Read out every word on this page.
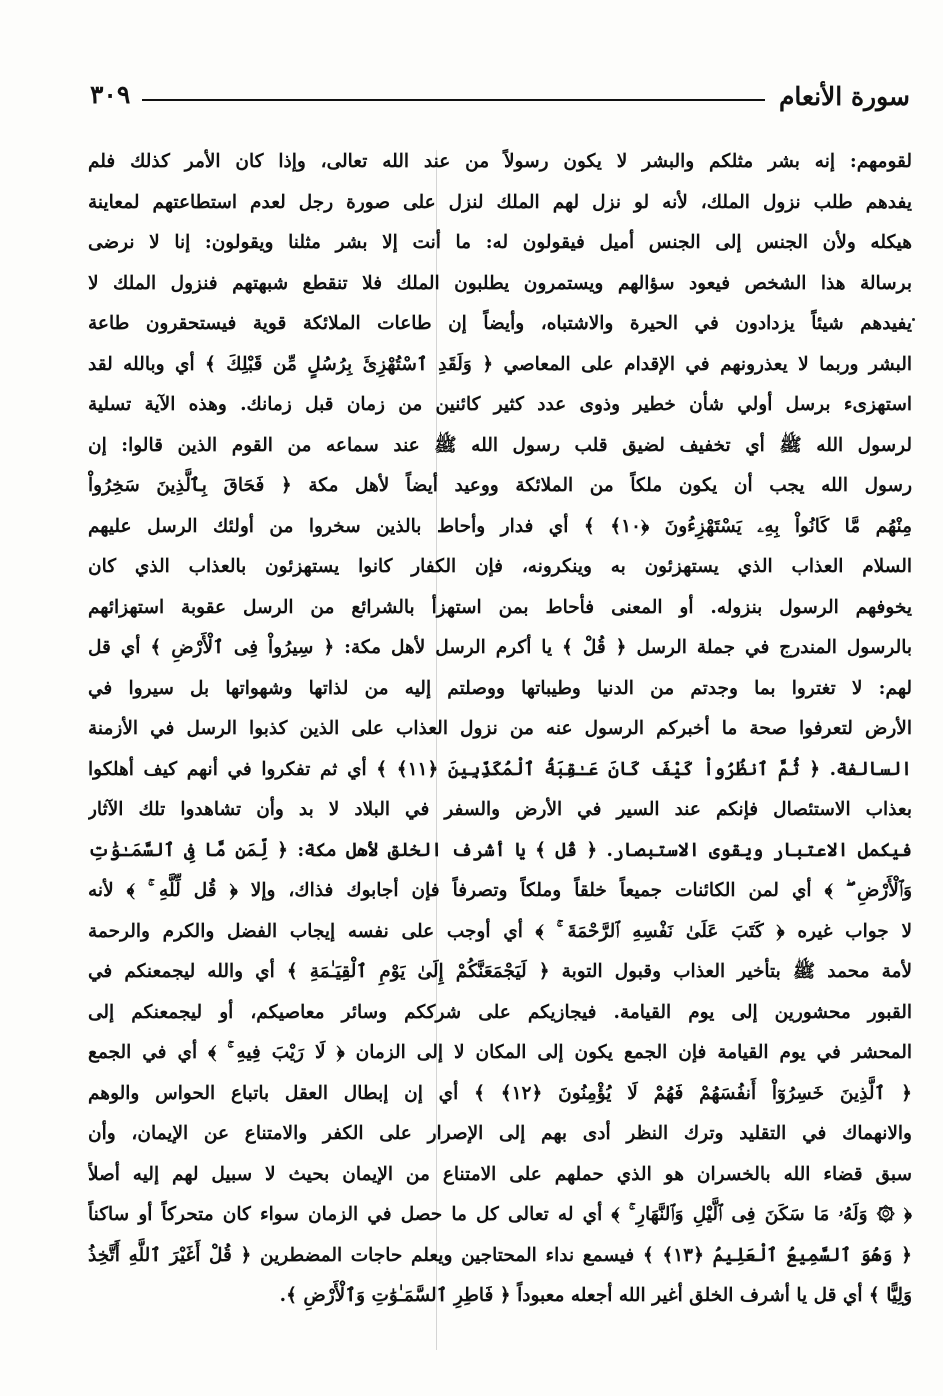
سورة الأنعام
٣٠٩
لقومهم: إنه بشر مثلكم والبشر لا يكون رسولاً من عند الله تعالى، وإذا كان الأمر كذلك فلم
يفدهم طلب نزول الملك، لأنه لو نزل لهم الملك لنزل على صورة رجل لعدم استطاعتهم لمعاينة
هيكله ولأن الجنس إلى الجنس أميل فيقولون له: ما أنت إلا بشر مثلنا ويقولون: إنا لا نرضى
برسالة هذا الشخص فيعود سؤالهم ويستمرون يطلبون الملك فلا تنقطع شبهتهم فنزول الملك لا
يفيدهم شيئاً يزدادون في الحيرة والاشتباه، وأيضاً إن طاعات الملائكة قوية فيستحقرون طاعة
البشر وربما لا يعذرونهم في الإقدام على المعاصي ﴿ وَلَقَدِ ٱسْتُهْزِئَ بِرُسُلٍ مِّن قَبْلِكَ ﴾ أي وبالله لقد
استهزىء برسل أولي شأن خطير وذوى عدد كثير كائنين من زمان قبل زمانك. وهذه الآية تسلية
لرسول الله ﷺ أي تخفيف لضيق قلب رسول الله ﷺ عند سماعه من القوم الذين قالوا: إن
رسول الله يجب أن يكون ملكاً من الملائكة ووعيد أيضاً لأهل مكة ﴿ فَحَاقَ بِٱلَّذِينَ سَخِرُواْ
مِنْهُم مَّا كَانُواْ بِهِۦ يَسْتَهْزِءُونَ ﴿١٠﴾ ﴾ أي فدار وأحاط بالذين سخروا من أولئك الرسل عليهم
السلام العذاب الذي يستهزئون به وينكرونه، فإن الكفار كانوا يستهزئون بالعذاب الذي كان
يخوفهم الرسول بنزوله. أو المعنى فأحاط بمن استهزأ بالشرائع من الرسل عقوبة استهزائهم
بالرسول المندرج في جملة الرسل ﴿ قُلْ ﴾ يا أكرم الرسل لأهل مكة: ﴿ سِيرُواْ فِى ٱلْأَرْضِ ﴾ أي قل
لهم: لا تغتروا بما وجدتم من الدنيا وطيباتها ووصلتم إليه من لذاتها وشهواتها بل سيروا في
الأرض لتعرفوا صحة ما أخبركم الرسول عنه من نزول العذاب على الذين كذبوا الرسل في الأزمنة
السالفة. ﴿ ثُمَّ ٱنظُرُواْ كَيْفَ كَانَ عَـٰقِبَةُ ٱلْمُكَذِّبِينَ ﴿١١﴾ ﴾ أي ثم تفكروا في أنهم كيف أهلكوا
بعذاب الاستئصال فإنكم عند السير في الأرض والسفر في البلاد لا بد وأن تشاهدوا تلك الآثار
فيكمل الاعتبار ويقوى الاستبصار. ﴿ قُل ﴾ يا أشرف الخلق لأهل مكة: ﴿ لِّمَن مَّا فِى ٱلسَّمَـٰوَٰتِ
وَٱلْأَرْضِ ۖ ﴾ أي لمن الكائنات جميعاً خلقاً وملكاً وتصرفاً فإن أجابوك فذاك، وإلا ﴿ قُل لِّلَّهِ ۚ ﴾ لأنه
لا جواب غيره ﴿ كَتَبَ عَلَىٰ نَفْسِهِ ٱلرَّحْمَةَ ۚ ﴾ أي أوجب على نفسه إيجاب الفضل والكرم والرحمة
لأمة محمد ﷺ بتأخير العذاب وقبول التوبة ﴿ لَيَجْمَعَنَّكُمْ إِلَىٰ يَوْمِ ٱلْقِيَـٰمَةِ ﴾ أي والله ليجمعنكم في
القبور محشورين إلى يوم القيامة. فيجازيكم على شرككم وسائر معاصيكم، أو ليجمعنكم إلى
المحشر في يوم القيامة فإن الجمع يكون إلى المكان لا إلى الزمان ﴿ لَا رَيْبَ فِيهِ ۚ ﴾ أي في الجمع
﴿ ٱلَّذِينَ خَسِرُوٓاْ أَنفُسَهُمْ فَهُمْ لَا يُؤْمِنُونَ ﴿١٢﴾ ﴾ أي إن إبطال العقل باتباع الحواس والوهم
والانهماك في التقليد وترك النظر أدى بهم إلى الإصرار على الكفر والامتناع عن الإيمان، وأن
سبق قضاء الله بالخسران هو الذي حملهم على الامتناع من الإيمان بحيث لا سبيل لهم إليه أصلاً
﴿ ۞ وَلَهُۥ مَا سَكَنَ فِى ٱلَّيْلِ وَٱلنَّهَارِ ۚ ﴾ أي له تعالى كل ما حصل في الزمان سواء كان متحركاً أو ساكناً
﴿ وَهُوَ ٱلسَّمِيعُ ٱلْعَلِيمُ ﴿١٣﴾ ﴾ فيسمع نداء المحتاجين ويعلم حاجات المضطرين ﴿ قُلْ أَغَيْرَ ٱللَّهِ أَتَّخِذُ
وَلِيًّا ﴾ أي قل يا أشرف الخلق أغير الله أجعله معبوداً ﴿ فَاطِرِ ٱلسَّمَـٰوَٰتِ وَٱلْأَرْضِ ﴾.
